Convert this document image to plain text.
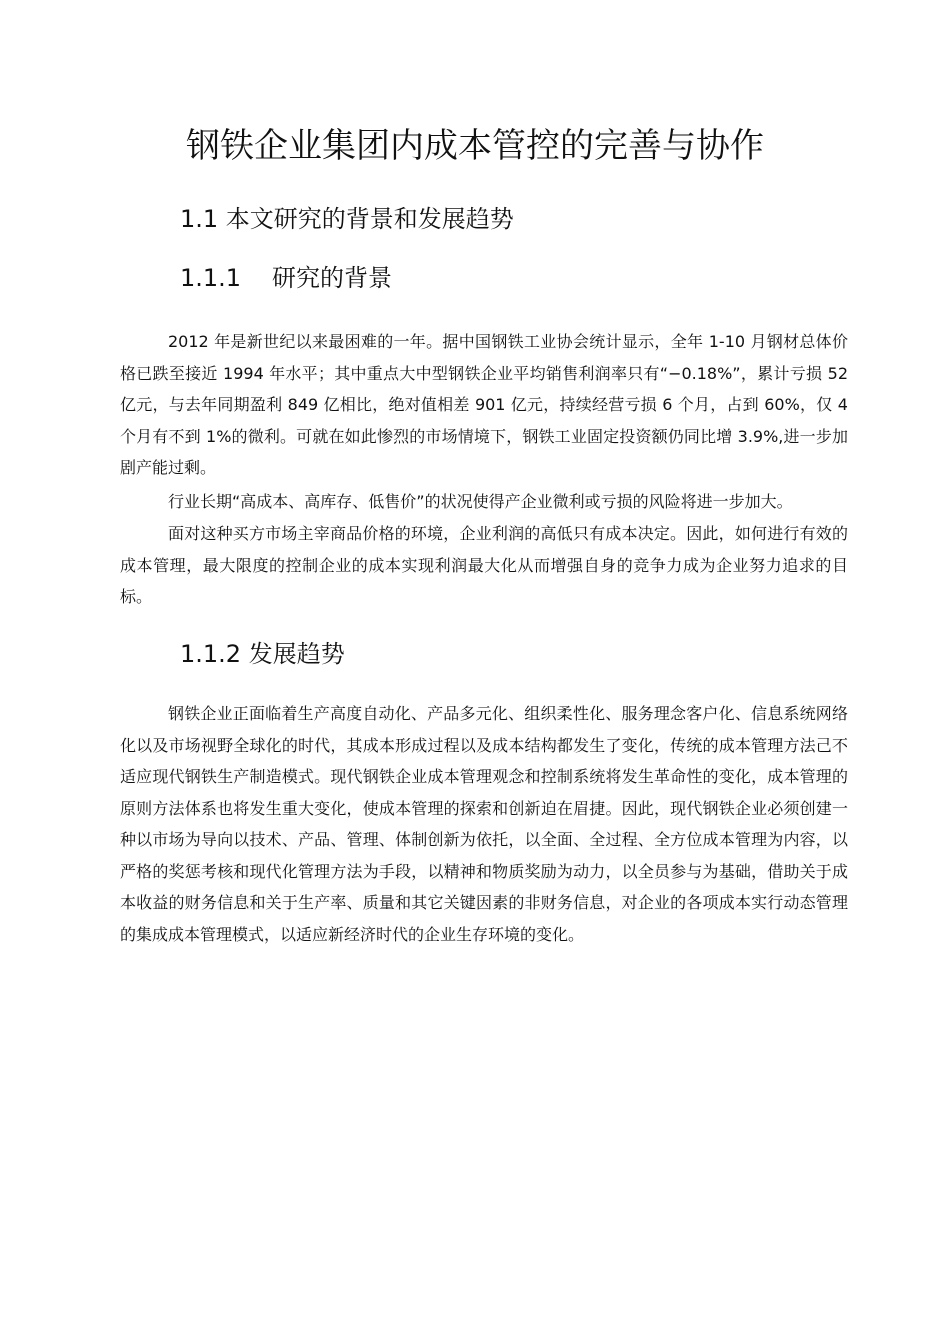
钢铁企业集团内成本管控的完善与协作
1.1 本文研究的背景和发展趋势
1.1.1 研究的背景

2012 年是新世纪以来最困难的一年。据中国钢铁工业协会统计显示，全年 1-10 月钢材总体价格已跌至接近 1994 年水平；其中重点大中型钢铁企业平均销售利润率只有“−0.18%”，累计亏损 52 亿元，与去年同期盈利 849 亿相比，绝对值相差 901 亿元，持续经营亏损 6 个月，占到 60%，仅 4 个月有不到 1%的微利。可就在如此惨烈的市场情境下，钢铁工业固定投资额仍同比增 3.9%,进一步加剧产能过剩。

行业长期“高成本、高库存、低售价”的状况使得产企业微利或亏损的风险将进一步加大。

面对这种买方市场主宰商品价格的环境，企业利润的高低只有成本决定。因此，如何进行有效的成本管理，最大限度的控制企业的成本实现利润最大化从而增强自身的竞争力成为企业努力追求的目标。

1.1.2 发展趋势

钢铁企业正面临着生产高度自动化、产品多元化、组织柔性化、服务理念客户化、信息系统网络化以及市场视野全球化的时代，其成本形成过程以及成本结构都发生了变化，传统的成本管理方法己不适应现代钢铁生产制造模式。现代钢铁企业成本管理观念和控制系统将发生革命性的变化，成本管理的原则方法体系也将发生重大变化，使成本管理的探索和创新迫在眉捷。因此，现代钢铁企业必须创建一种以市场为导向以技术、产品、管理、体制创新为依托，以全面、全过程、全方位成本管理为内容，以严格的奖惩考核和现代化管理方法为手段，以精神和物质奖励为动力，以全员参与为基础，借助关于成本收益的财务信息和关于生产率、质量和其它关键因素的非财务信息，对企业的各项成本实行动态管理的集成成本管理模式，以适应新经济时代的企业生存环境的变化。
